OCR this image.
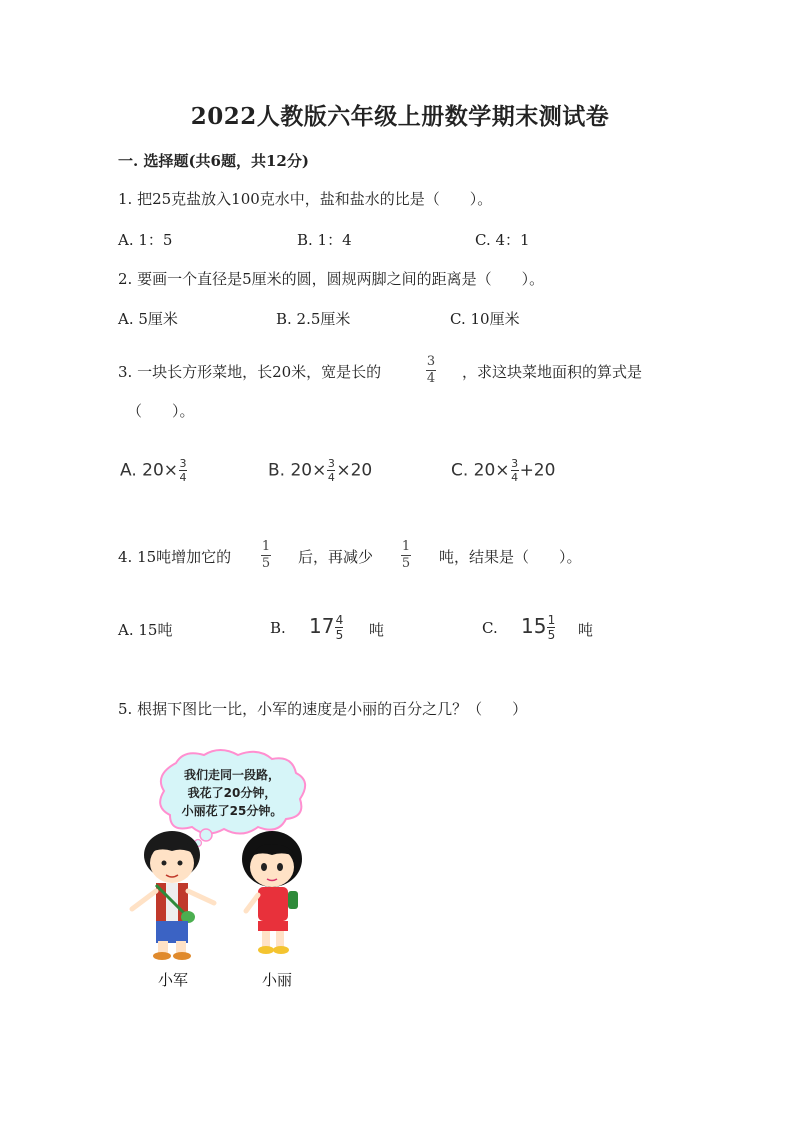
2022人教版六年级上册数学期末测试卷
一. 选择题(共6题，共12分)
1. 把25克盐放入100克水中，盐和盐水的比是（　　）。
A. 1：5	B. 1：4	C. 4：1
2. 要画一个直径是5厘米的圆，圆规两脚之间的距离是（　　）。
A. 5厘米	B. 2.5厘米	C. 10厘米
3. 一块长方形菜地，长20米，宽是长的
3
4 ，求这块菜地面积的算式是
（　　）。
A. $20\times \frac{3}{4}$	B. $20\times \frac{3}{4} \times 20$	C. $20\times \frac{3}{4} +20$
4. 15吨增加它的
1
5 后，再减少
1
5 吨，结果是（　　）。
A. 15吨	B. $17 \frac{4}{5}$ 吨	C. $15 \frac{1}{5}$ 吨
5. 根据下图比一比，小军的速度是小丽的百分之几？（　　）
我们走同一段路，
我花了20分钟，
小丽花了25分钟。
小军	小丽
